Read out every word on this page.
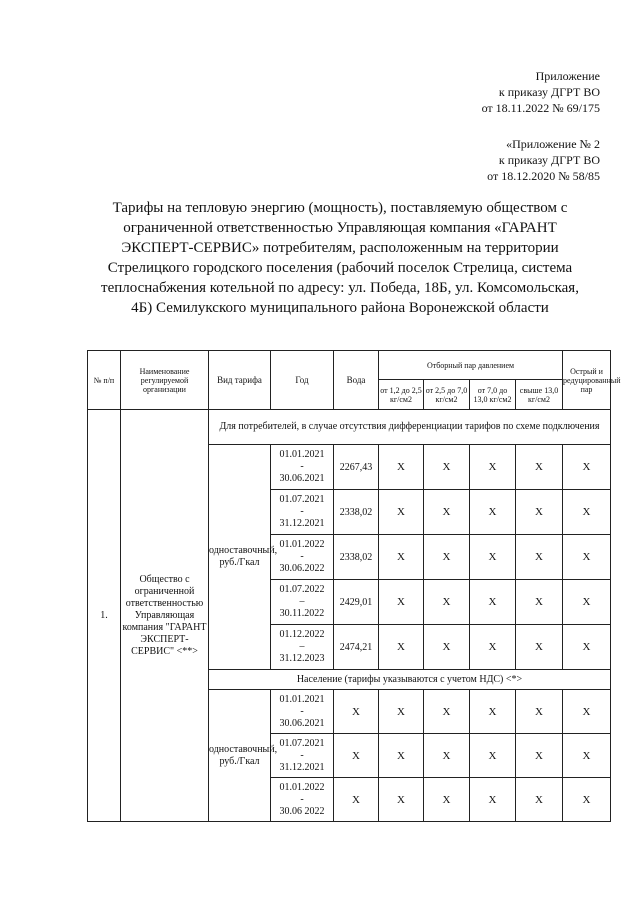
Приложение
к приказу ДГРТ ВО
от 18.11.2022 № 69/175
«Приложение № 2
к приказу ДГРТ ВО
от 18.12.2020 № 58/85
Тарифы на тепловую энергию (мощность), поставляемую обществом с ограниченной ответственностью Управляющая компания «ГАРАНТ ЭКСПЕРТ-СЕРВИС» потребителям, расположенным на территории Стрелицкого городского поселения (рабочий поселок Стрелица, система теплоснабжения котельной по адресу: ул. Победа, 18Б, ул. Комсомольская, 4Б) Семилукского муниципального района Воронежской области
№ п/п	Наименование регулируемой организации	Вид тарифа	Год	Вода	Отборный пар давлением				Острый и редуцированный пар
					от 1,2 до 2,5 кг/см2	от 2,5 до 7,0 кг/см2	от 7,0 до 13,0 кг/см2	свыше 13,0 кг/см2	
1.	Общество с ограниченной ответственностью Управляющая компания "ГАРАНТ ЭКСПЕРТ-СЕРВИС" <**>	Для потребителей, в случае отсутствия дифференциации тарифов по схеме подключения							
		одноставочный, руб./Гкал	01.01.2021
-
30.06.2021	2267,43	X	X	X	X	X
			01.07.2021
-
31.12.2021	2338,02	X	X	X	X	X
			01.01.2022
-
30.06.2022	2338,02	X	X	X	X	X
			01.07.2022
–
30.11.2022	2429,01	X	X	X	X	X
			01.12.2022
–
31.12.2023	2474,21	X	X	X	X	X
		Население (тарифы указываются с учетом НДС) <*>							
		одноставочный, руб./Гкал	01.01.2021
-
30.06.2021	X	X	X	X	X	X
			01.07.2021
-
31.12.2021	X	X	X	X	X	X
			01.01.2022
-
30.06 2022	X	X	X	X	X	X
